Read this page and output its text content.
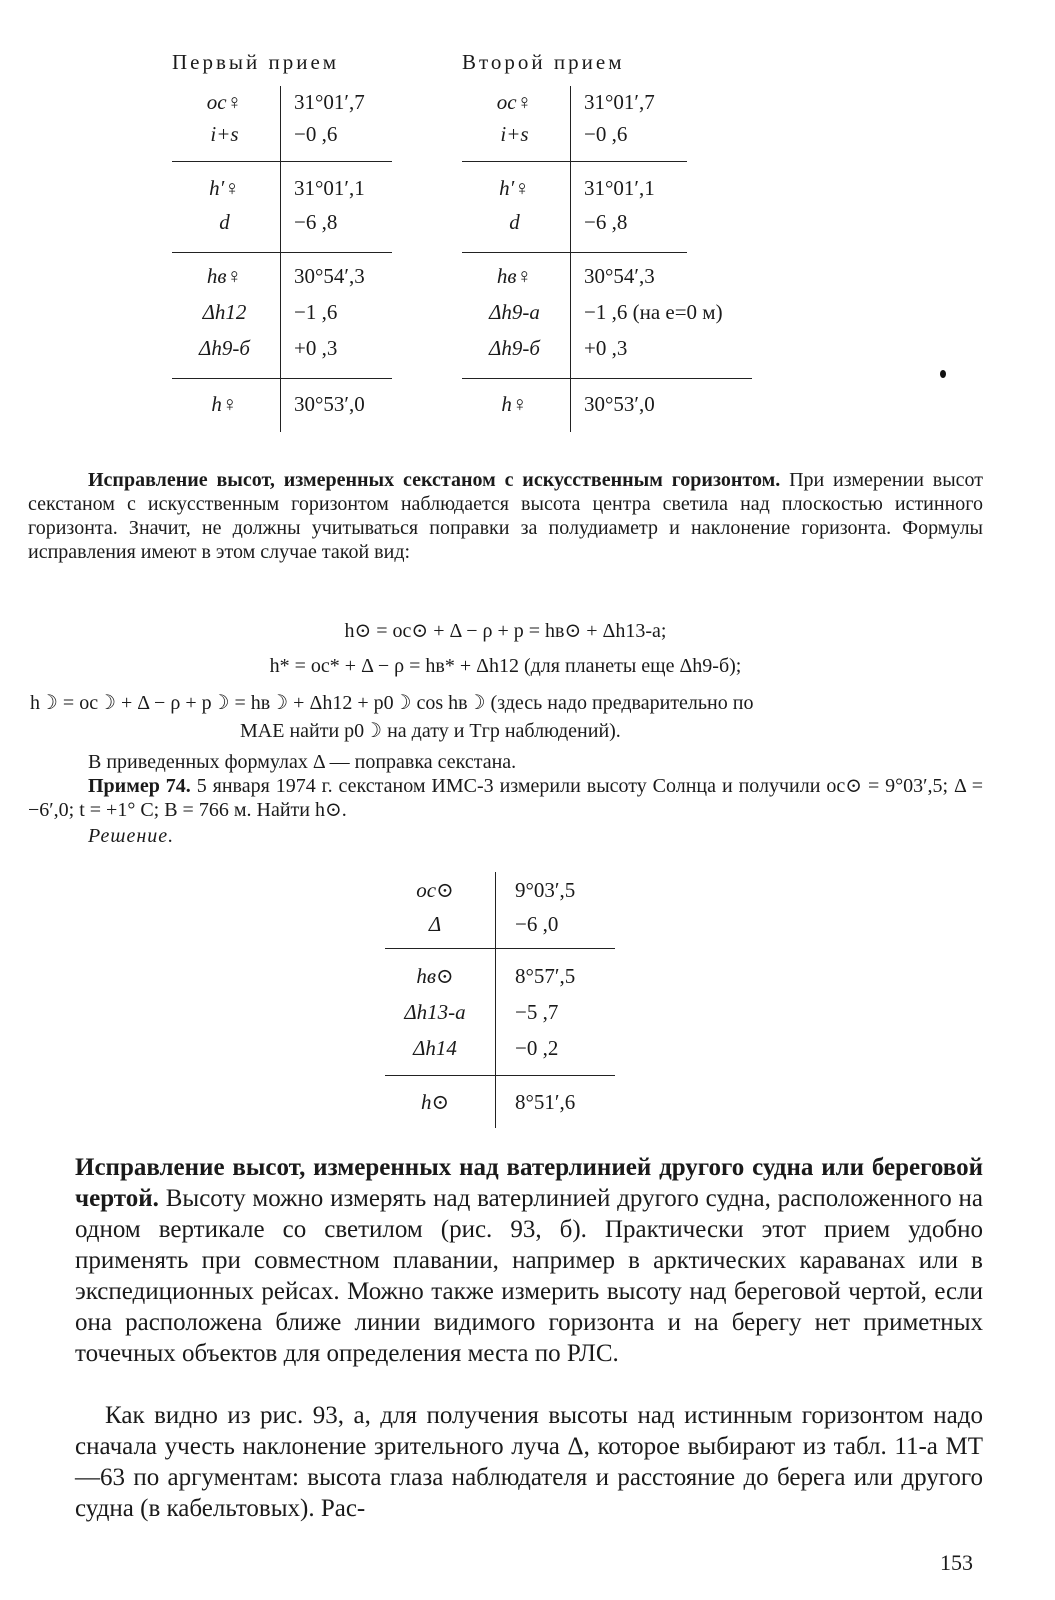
Первый прием	Второй прием
oc♀	31°01′,7
i+s	−0 ,6
h′♀	31°01′,1
d	−6 ,8
hв♀	30°54′,3
Δh12	−1 ,6
Δh9-б	+0 ,3
h♀	30°53′,0
oc♀	31°01′,7
i+s	−0 ,6
h′♀	31°01′,1
d	−6 ,8
hв♀	30°54′,3
Δh9-а	−1 ,6 (на e=0 м)
Δh9-б	+0 ,3
h♀	30°53′,0
Исправление высот, измеренных секстаном с искусственным горизонтом. При измерении высот секстаном с искусственным горизонтом наблюдается высота центра светила над плоскостью истинного горизонта. Значит, не должны учитываться поправки за полудиаметр и наклонение горизонта. Формулы исправления имеют в этом случае такой вид:
h⊙ = oc⊙ + Δ − ρ + p = hв⊙ + Δh13-а;
h* = oc* + Δ − ρ = hв* + Δh12 (для планеты еще Δh9-б);
h☽ = oc☽ + Δ − ρ + p☽ = hв☽ + Δh12 + p0☽ cos hв☽ (здесь надо предварительно по
МАЕ найти p0☽ на дату и Tгр наблюдений).
В приведенных формулах Δ — поправка секстана.
Пример 74. 5 января 1974 г. секстаном ИМС-3 измерили высоту Солнца и получили oc⊙ = 9°03′,5; Δ = −6′,0; t = +1° C; B = 766 м. Найти h⊙.
Решение.
oc⊙	9°03′,5
Δ	−6 ,0
hв⊙	8°57′,5
Δh13-а	−5 ,7
Δh14	−0 ,2
h⊙	8°51′,6
Исправление высот, измеренных над ватерлинией другого судна или береговой чертой. Высоту можно измерять над ватерлинией другого судна, расположенного на одном вертикале со светилом (рис. 93, б). Практически этот прием удобно применять при совместном плавании, например в арктических караванах или в экспедиционных рейсах. Можно также измерить высоту над береговой чертой, если она расположена ближе линии видимого горизонта и на берегу нет приметных точечных объектов для определения места по РЛС.
Как видно из рис. 93, а, для получения высоты над истинным горизонтом надо сначала учесть наклонение зрительного луча Δ, которое выбирают из табл. 11-а МТ—63 по аргументам: высота глаза наблюдателя и расстояние до берега или другого судна (в кабельтовых). Рас-
153
